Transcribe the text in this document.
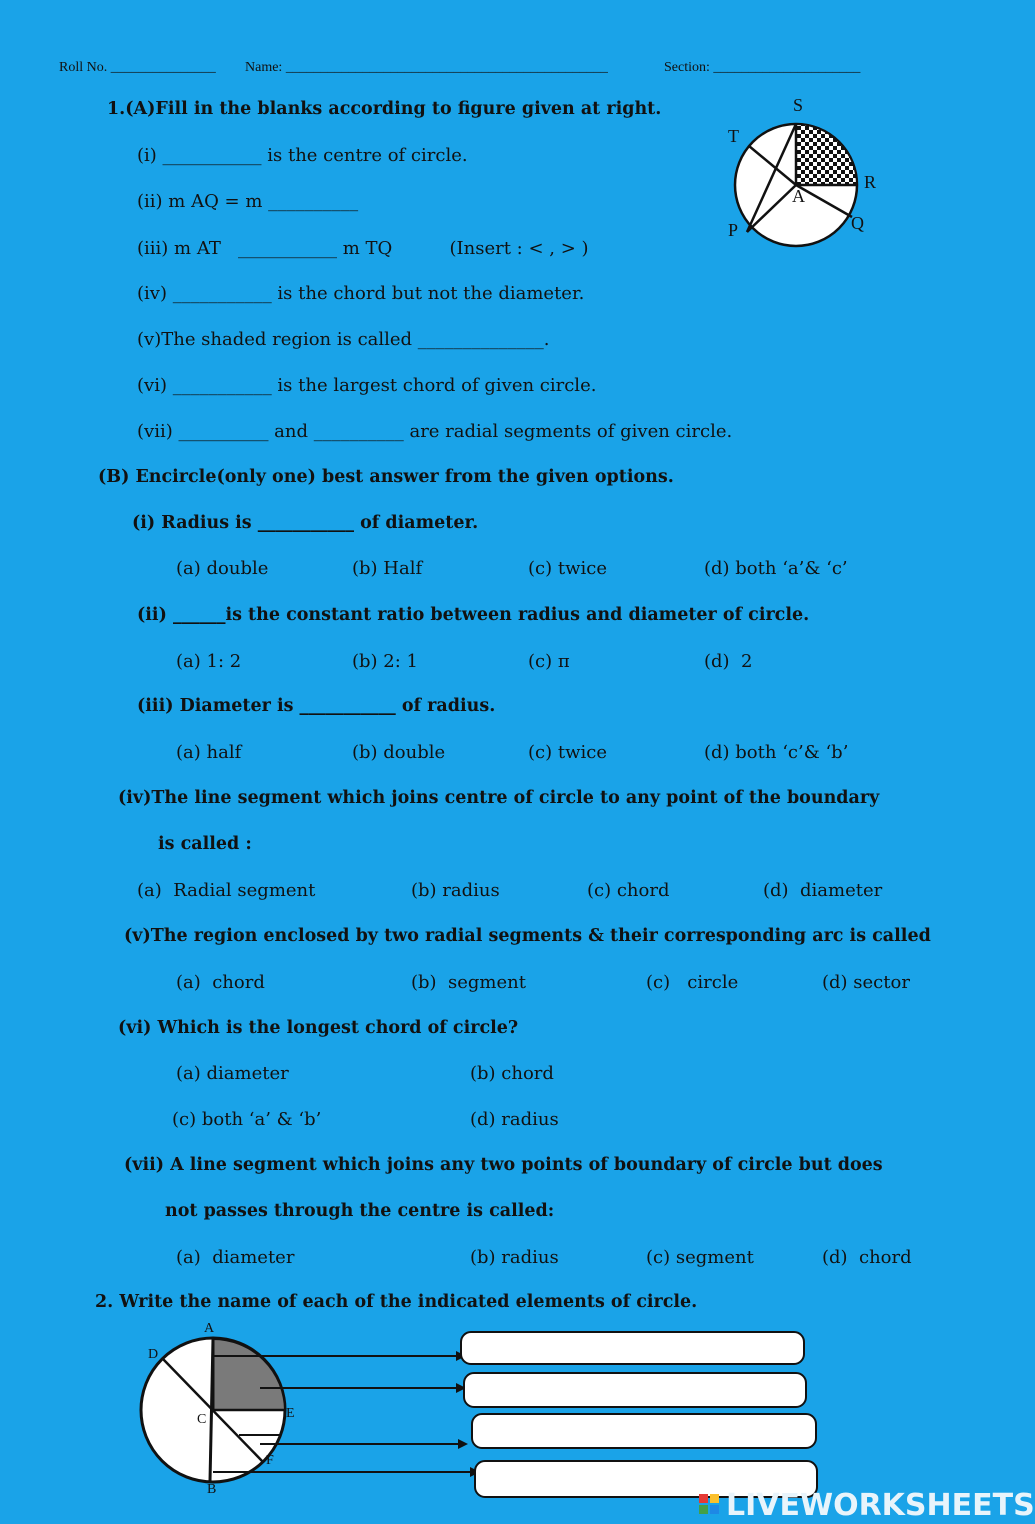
Roll No. _______________ Name: ______________________________________________	Section: _____________________
1.(A)Fill in the blanks according to figure given at right.
(i) ___________ is the centre of circle.
(ii) m AQ = m __________
(iii) m AT   ___________ m TQ          (Insert : < , > )
(iv) ___________ is the chord but not the diameter.
(v)The shaded region is called ______________.
(vi) ___________ is the largest chord of given circle.
(vii) __________ and __________ are radial segments of given circle.
S
T
R
A
P	Q
(B) Encircle(only one) best answer from the given options.
(i) Radius is ___________ of diameter.
(a) double	(b) Half	(c) twice	(d) both ‘a’& ‘c’
(ii) ______is the constant ratio between radius and diameter of circle.
(a) 1: 2	(b) 2: 1	(c) π	(d)  2
(iii) Diameter is ___________ of radius.
(a) half	(b) double	(c) twice	(d) both ‘c’& ‘b’
(iv)The line segment which joins centre of circle to any point of the boundary
is called :
(a)  Radial segment	(b) radius	(c) chord	(d)  diameter
(v)The region enclosed by two radial segments & their corresponding arc is called
(a)  chord	(b)  segment	(c)   circle	(d) sector
(vi) Which is the longest chord of circle?
(a) diameter	(b) chord
(c) both ‘a’ & ‘b’	(d) radius
(vii) A line segment which joins any two points of boundary of circle but does
not passes through the centre is called:
(a)  diameter	(b) radius	(c) segment	(d)  chord
2. Write the name of each of the indicated elements of circle.
A
D
C	E
F
B	LIVEWORKSHEETS
